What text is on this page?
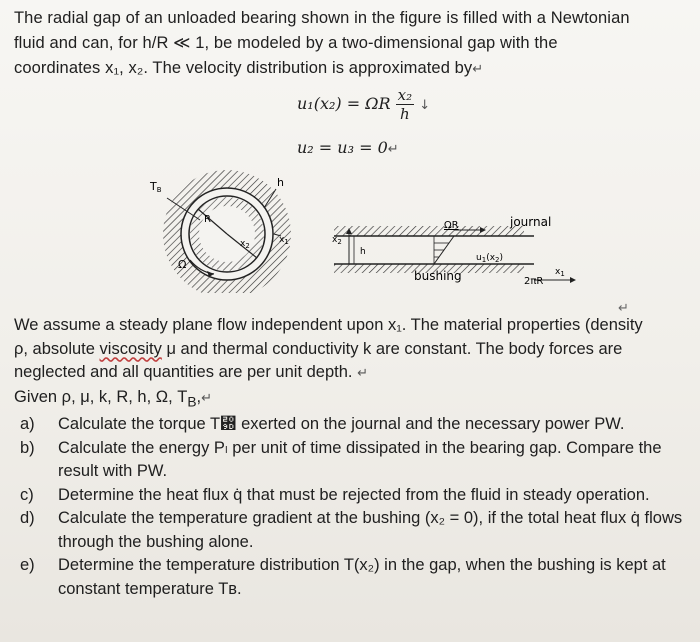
The radial gap of an unloaded bearing shown in the figure is filled with a Newtonian

fluid and can, for h/R ≪ 1, be modeled by a two-dimensional gap with the

coordinates x₁, x₂. The velocity distribution is approximated by↵

u₁(x₂) = ΩR $\frac{\text{x₂}}{h}$ ↓
u₂ = u₃ = 0↵
TB
h
R
$x_2$
$x_1$
Ω
ΩR	journal
$x_2$
h
$u_1(x_2)$
bushing	2πR
$x_1$
↵

We assume a steady plane flow independent upon x₁. The material properties (density

ρ, absolute viscosity μ and thermal conductivity k are constant. The body forces are

neglected and all quantities are per unit depth. ↵

Given ρ, μ, k, R, h, Ω, $T_B,↵$

a)	Calculate the torque T₝ exerted on the journal and the necessary power PW.
b)	Calculate the energy Pₗ per unit of time dissipated in the bearing gap. Compare the result with PW.
c)	Determine the heat flux q̇ that must be rejected from the fluid in steady operation.
d)	Calculate the temperature gradient at the bushing (x₂ = 0), if the total heat flux q̇ flows through the bushing alone.
e)	Determine the temperature distribution T(x₂) in the gap, when the bushing is kept at constant temperature Tʙ.
